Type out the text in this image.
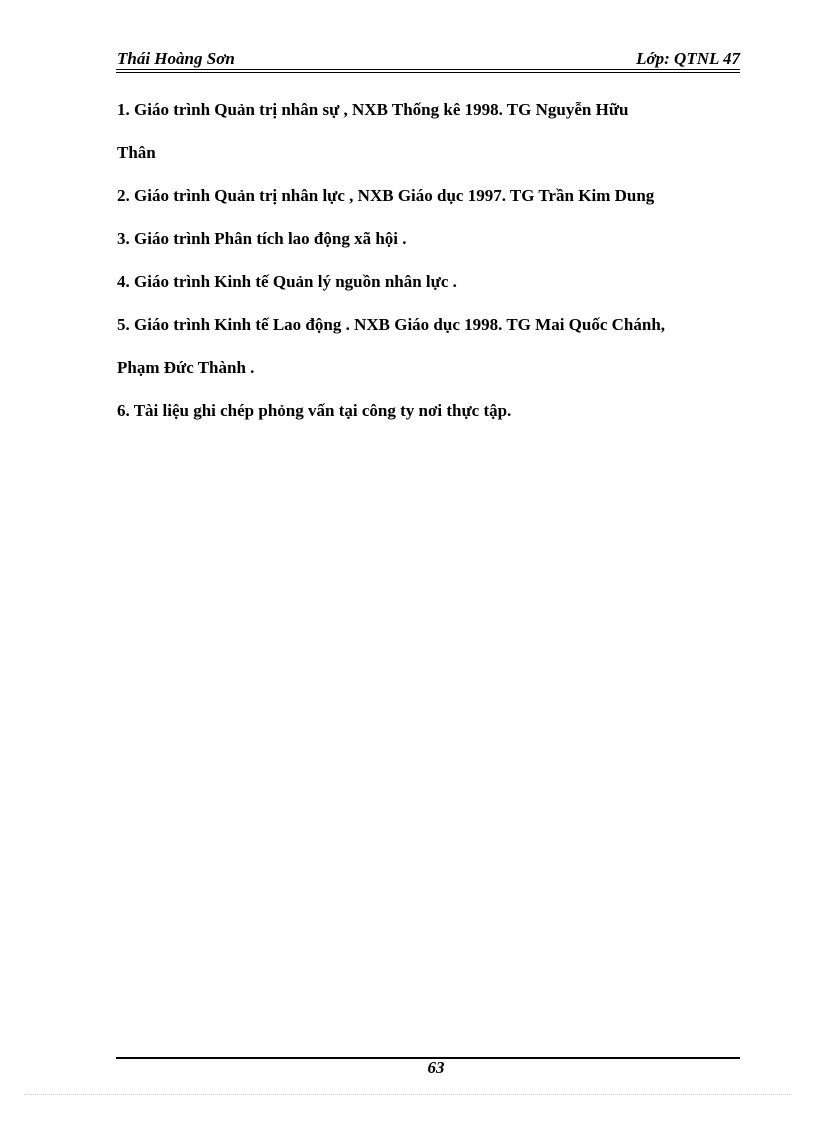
Thái Hoàng Sơn	Lớp: QTNL 47

1. Giáo trình Quản trị nhân sự , NXB Thống kê 1998. TG Nguyễn Hữu

Thân

2. Giáo trình Quản trị nhân lực , NXB Giáo dục 1997. TG Trần Kim Dung

3. Giáo trình Phân tích lao động xã hội .

4. Giáo trình Kinh tế Quản lý nguồn nhân lực .

5. Giáo trình Kinh tế Lao động . NXB Giáo dục 1998. TG Mai Quốc Chánh,

Phạm Đức Thành .

6. Tài liệu ghi chép phỏng vấn tại công ty nơi thực tập.

63
